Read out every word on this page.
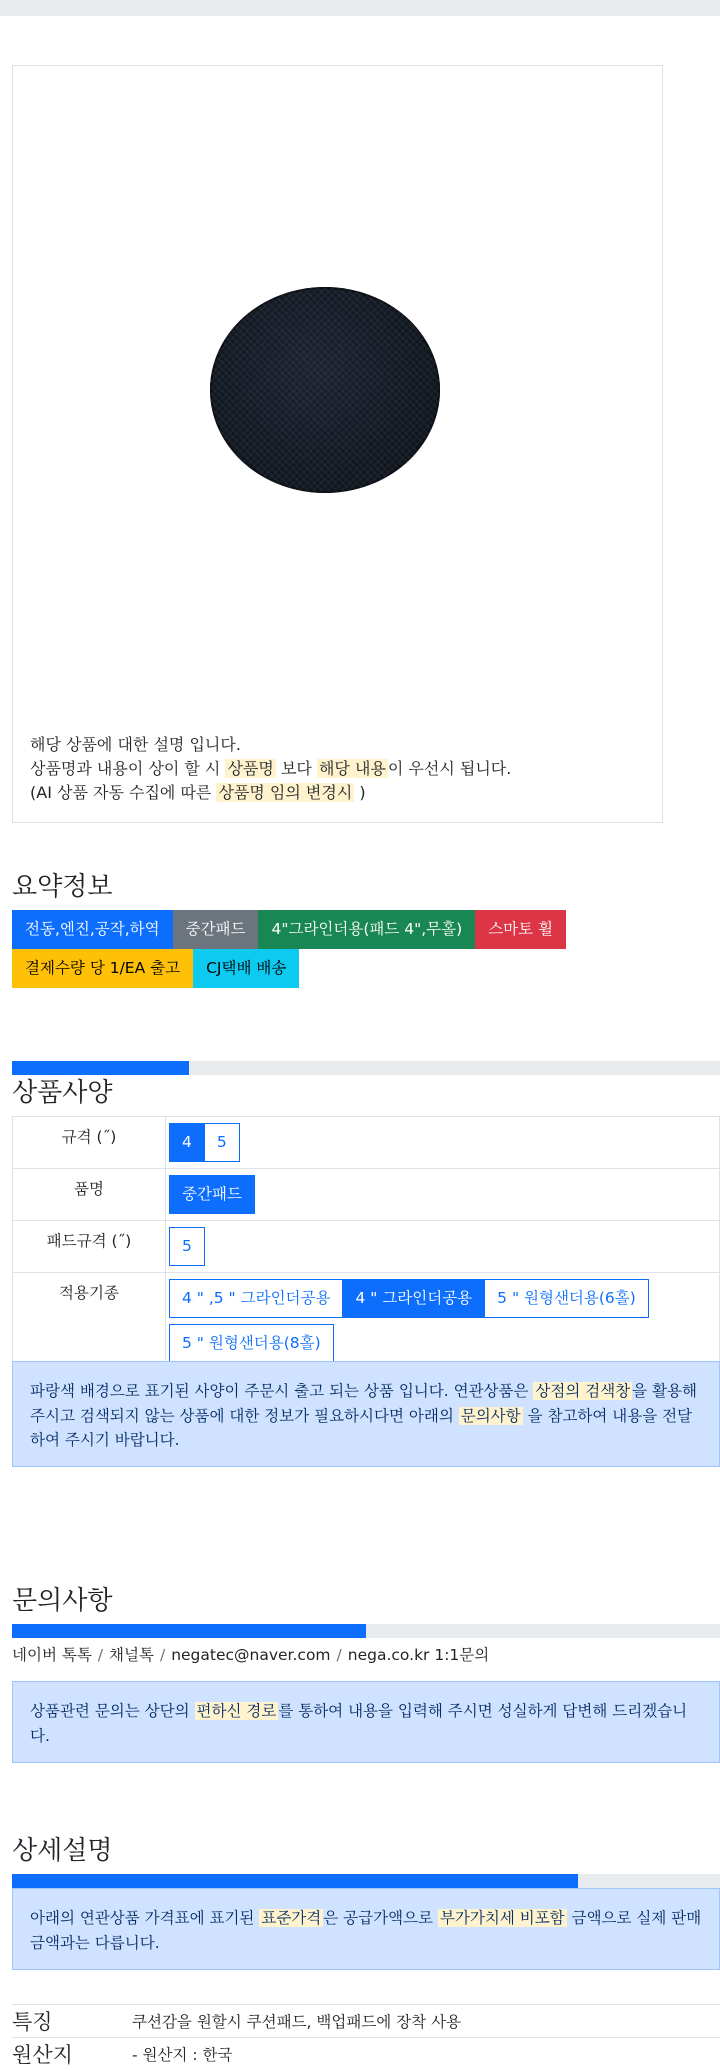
해당 상품에 대한 설명 입니다.

상품명과 내용이 상이 할 시 상품명 보다 해당 내용 이 우선시 됩니다.

(AI 상품 자동 수집에 따른 상품명 임의 변경시 )

요약정보
전동,엔진,공작,하역	중간패드	4"그라인더용(패드 4",무홀)	스마토 휠
결제수량 당 1/EA 출고	CJ택배 배송
상품사양
규격 (˝)	4 5

품명	중간패드

패드규격 (˝)	5

적용기종	4 " ,5 " 그라인더공용 4 " 그라인더공용 5 " 원형샌더용(6홀)
5 " 원형샌더용(8홀)
파랑색 배경으로 표기된 사양이 주문시 출고 되는 상품 입니다. 연관상품은 상점의 검색창 을 활용해 주시고 검색되지 않는 상품에 대한 정보가 필요하시다면 아래의 문의사항 을 참고하여 내용을 전달하여 주시기 바랍니다.
문의사항
네이버 톡톡 / 채널톡 / negatec@naver.com / nega.co.kr 1:1문의
상품관련 문의는 상단의 편하신 경로 를 통하여 내용을 입력해 주시면 성실하게 답변해 드리겠습니다.
상세설명
아래의 연관상품 가격표에 표기된 표준가격 은 공급가액으로 부가가치세 비포함 금액으로 실제 판매금액과는 다릅니다.
특징	쿠션감을 원할시 쿠션패드, 백업패드에 장착 사용
원산지	- 원산지 : 한국
